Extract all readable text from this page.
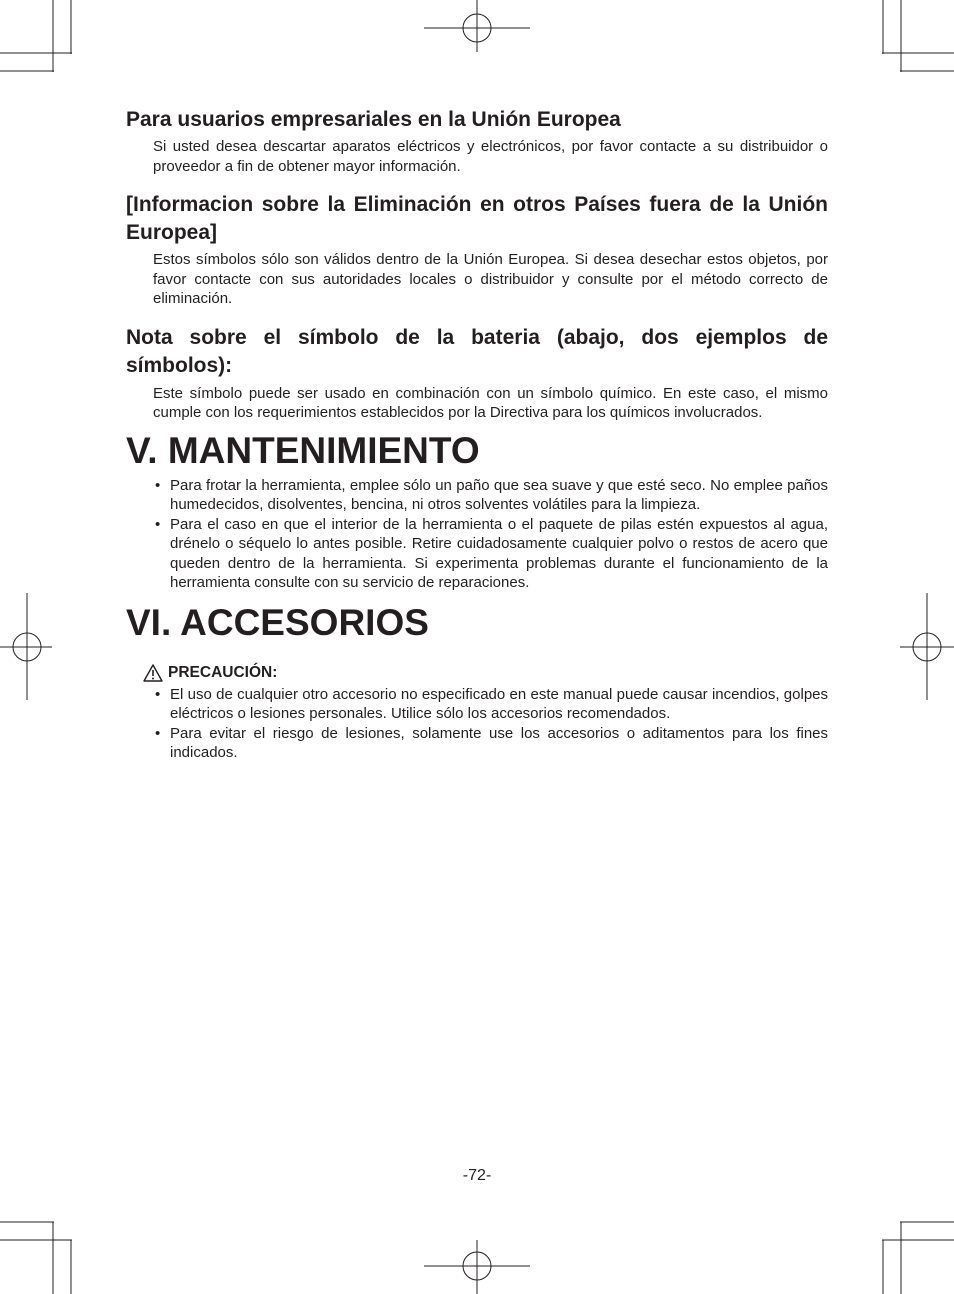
Para usuarios empresariales en la Unión Europea

Si usted desea descartar aparatos eléctricos y electrónicos, por favor contacte a su distribuidor o proveedor a fin de obtener mayor información.

[Informacion sobre la Eliminación en otros Países fuera de la Unión Europea]

Estos símbolos sólo son válidos dentro de la Unión Europea. Si desea desechar estos objetos, por favor contacte con sus autoridades locales o distribuidor y consulte por el método correcto de eliminación.

Nota sobre el símbolo de la bateria (abajo, dos ejemplos de símbolos):

Este símbolo puede ser usado en combinación con un símbolo químico. En este caso, el mismo cumple con los requerimientos establecidos por la Directiva para los químicos involucrados.

V. MANTENIMIENTO
• Para frotar la herramienta, emplee sólo un paño que sea suave y que esté seco. No emplee paños humedecidos, disolventes, bencina, ni otros solventes volátiles para la limpieza.
• Para el caso en que el interior de la herramienta o el paquete de pilas estén expuestos al agua, drénelo o séquelo lo antes posible. Retire cuidadosamente cualquier polvo o restos de acero que queden dentro de la herramienta. Si experimenta problemas durante el funcionamiento de la herramienta consulte con su servicio de reparaciones.
VI. ACCESORIOS
PRECAUCIÓN:
• El uso de cualquier otro accesorio no especificado en este manual puede causar incendios, golpes eléctricos o lesiones personales. Utilice sólo los accesorios recomendados.
• Para evitar el riesgo de lesiones, solamente use los accesorios o aditamentos para los fines indicados.
-72-
